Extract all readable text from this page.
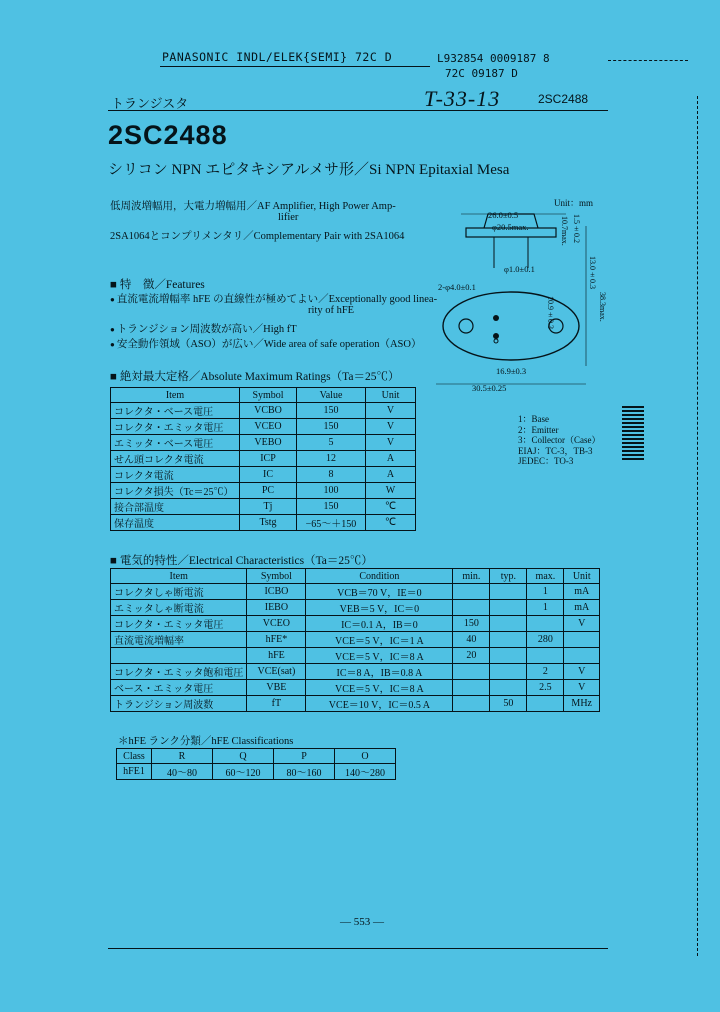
PANASONIC INDL/ELEK{SEMI} 72C D	L932854 0009187 8
72C 09187 D
トランジスタ	T-33-13	2SC2488
2SC2488
シリコン NPN エピタキシアルメサ形／Si NPN Epitaxial Mesa
低周波増幅用，大電力増幅用／AF Amplifier, High Power Amp-
lifier
2SA1064とコンプリメンタリ／Complementary Pair with 2SA1064
■ 特　徴／Features
● 直流電流増幅率 hFE の直線性が極めてよい／Exceptionally good linea-
rity of hFE
● トランジション周波数が高い／High fT
● 安全動作領域（ASO）が広い／Wide area of safe operation（ASO）
■ 絶対最大定格／Absolute Maximum Ratings（Ta＝25℃）
Item	Symbol	Value	Unit
コレクタ・ベース電圧	VCBO	150	V
コレクタ・エミッタ電圧	VCEO	150	V
エミッタ・ベース電圧	VEBO	5	V
せん頭コレクタ電流	ICP	12	A
コレクタ電流	IC	8	A
コレクタ損失（Tc＝25℃）	PC	100	W
接合部温度	Tj	150	℃
保存温度	Tstg	−65〜＋150	℃
Unit：mm
26.0±0.5
φ20.5max.	1.5±0.2
10.7max.
φ1.0±0.1
2-φ4.0±0.1	13.0±0.3
10.9±0.3	38.3max.
16.9±0.3
30.5±0.25
1：Base
2：Emitter
3：Collector（Case）
EIAJ：TC-3，TB-3
JEDEC：TO-3
■ 電気的特性／Electrical Characteristics（Ta＝25℃）
Item	Symbol	Condition	min.	typ.	max.	Unit
コレクタしゃ断電流	ICBO	VCB＝70 V，IE＝0			1	mA
エミッタしゃ断電流	IEBO	VEB＝5 V，IC＝0			1	mA
コレクタ・エミッタ電圧	VCEO	IC＝0.1 A，IB＝0	150			V
直流電流増幅率	hFE*	VCE＝5 V，IC＝1 A	40		280	
	hFE	VCE＝5 V，IC＝8 A	20			
コレクタ・エミッタ飽和電圧	VCE(sat)	IC＝8 A，IB＝0.8 A			2	V
ベース・エミッタ電圧	VBE	VCE＝5 V，IC＝8 A			2.5	V
トランジション周波数	fT	VCE＝10 V，IC＝0.5 A		50		MHz
＊hFE ランク分類／hFE Classifications
Class	R	Q	P	O
hFE1	40〜80	60〜120	80〜160	140〜280
— 553 —
